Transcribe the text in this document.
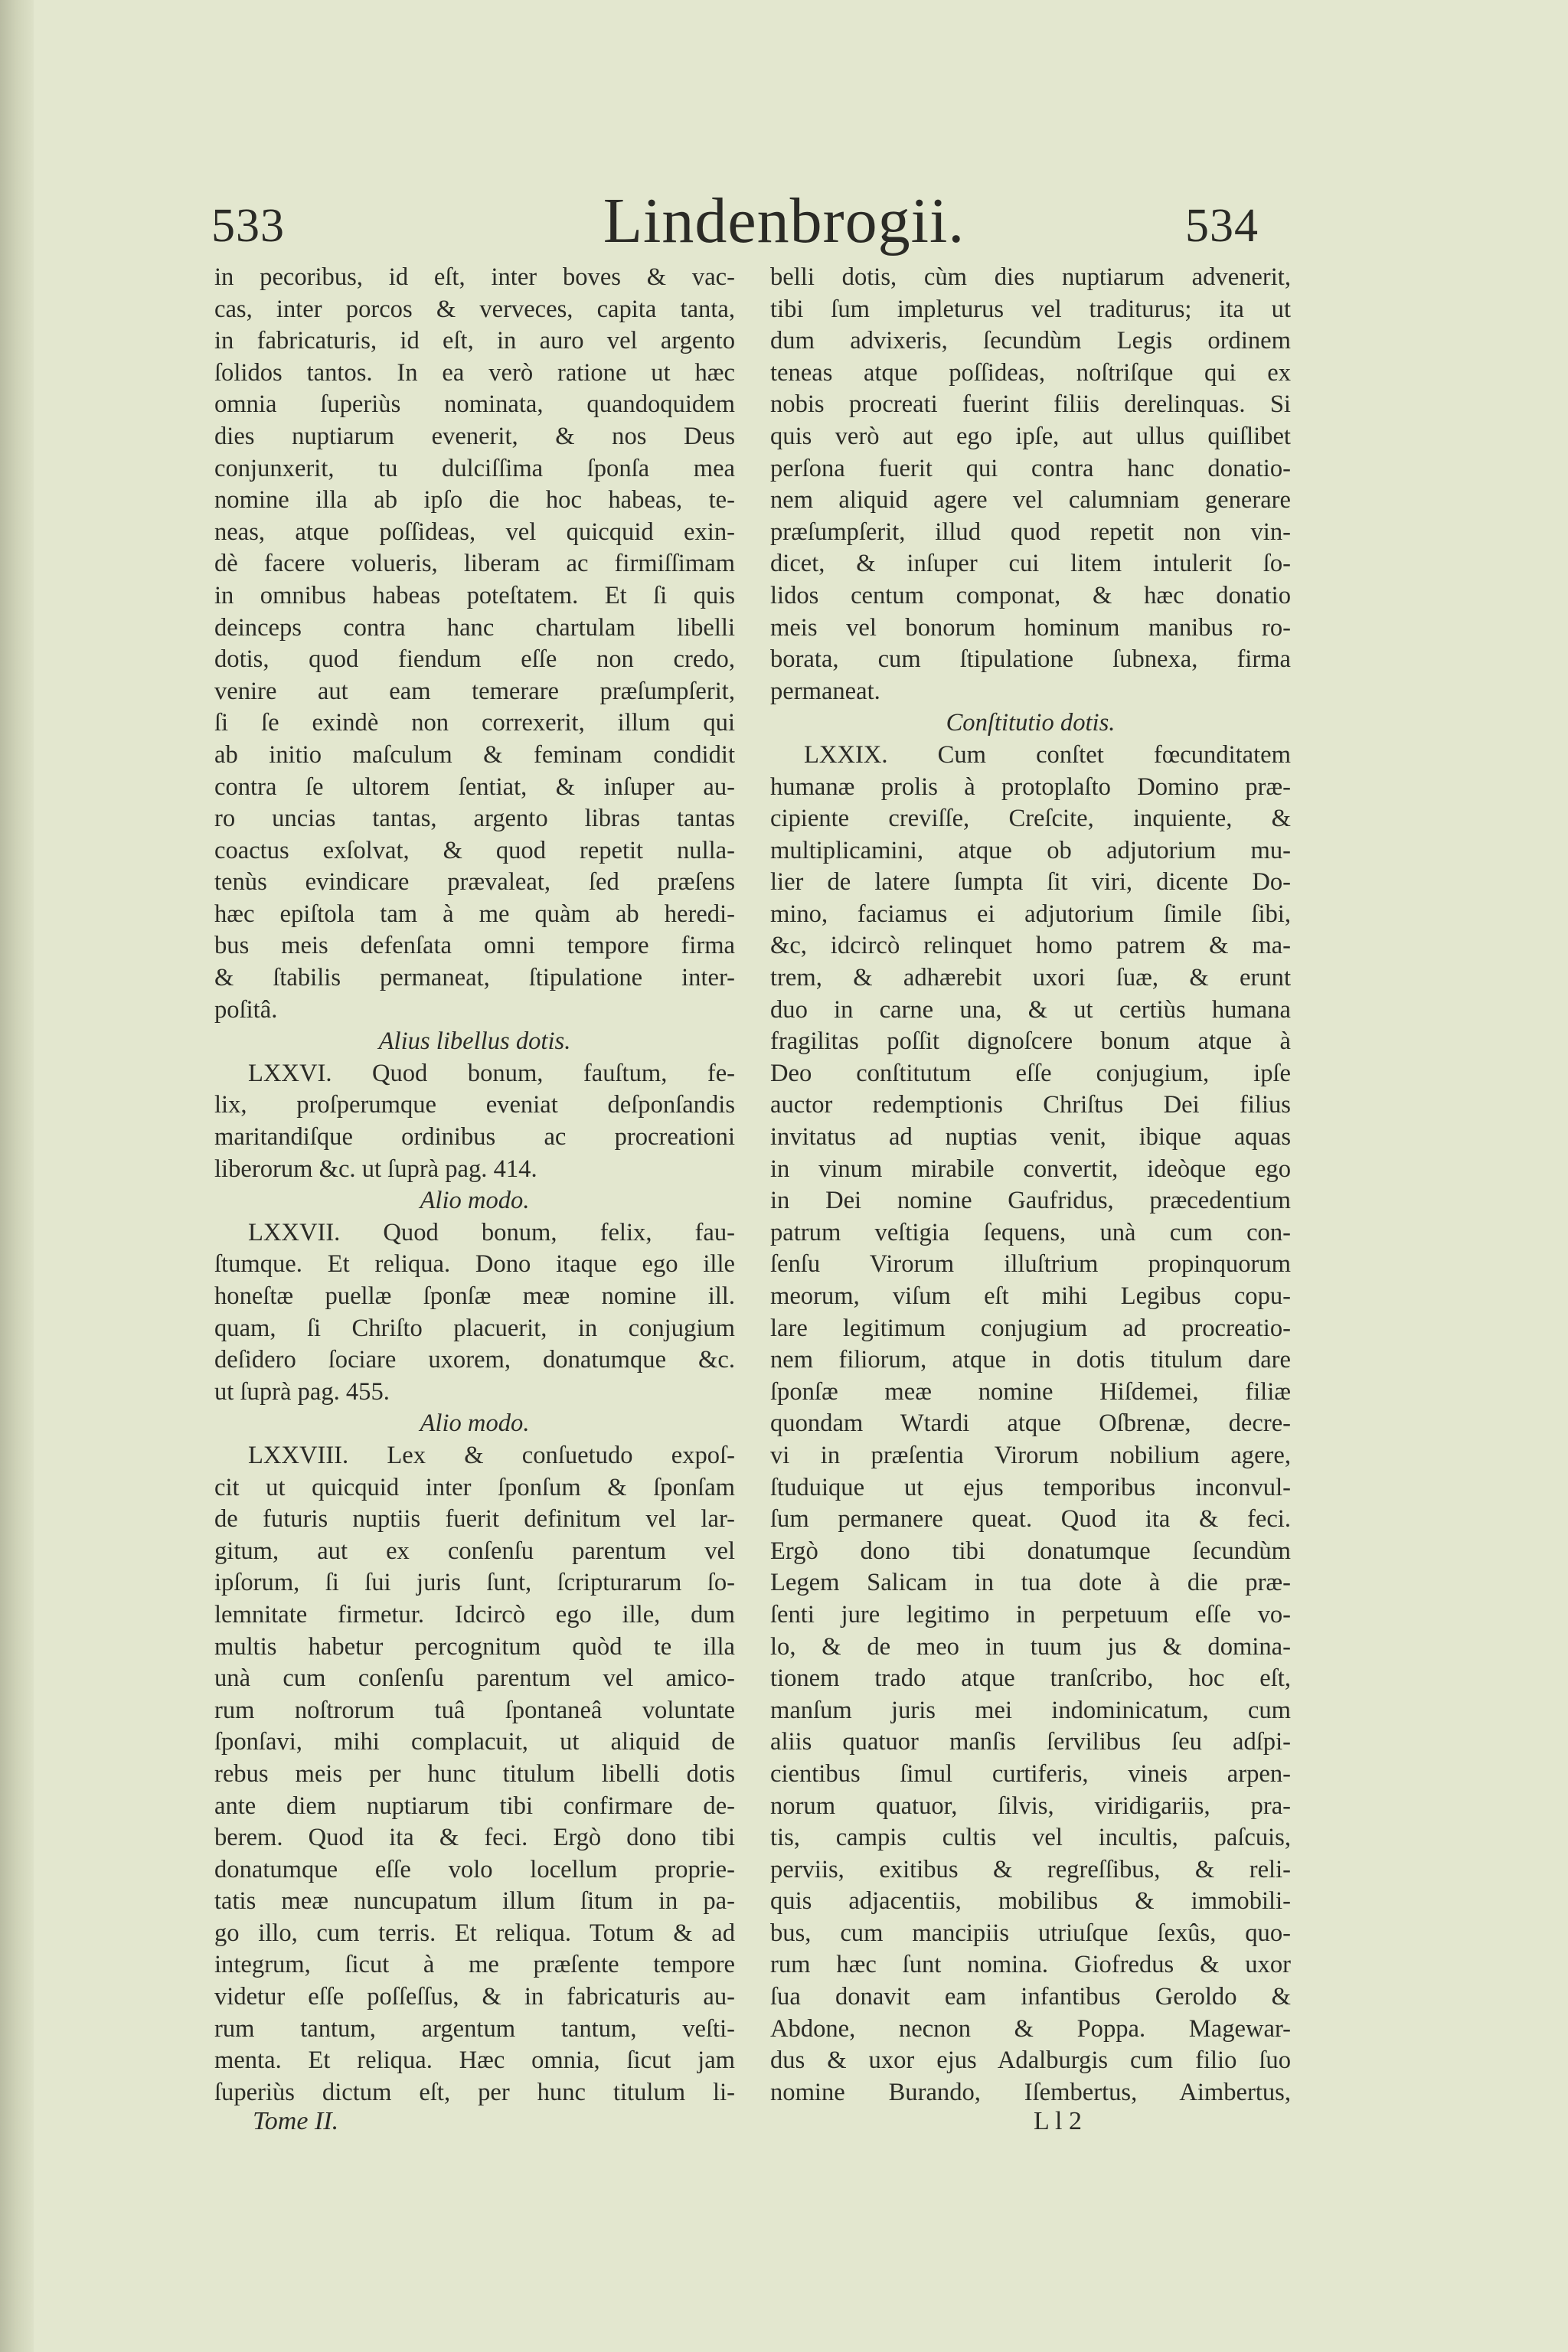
533	Lindenbrogii.	534
in pecoribus, id eſt, inter boves & vac-
cas, inter porcos & verveces, capita tanta,
in fabricaturis, id eſt, in auro vel argento
ſolidos tantos. In ea verò ratione ut hæc
omnia ſuperiùs nominata, quandoquidem
dies nuptiarum evenerit, & nos Deus
conjunxerit, tu dulciſſima ſponſa mea
nomine illa ab ipſo die hoc habeas, te-
neas, atque poſſideas, vel quicquid exin-
dè facere volueris, liberam ac firmiſſimam
in omnibus habeas poteſtatem. Et ſi quis
deinceps contra hanc chartulam libelli
dotis, quod fiendum eſſe non credo,
venire aut eam temerare præſumpſerit,
ſi ſe exindè non correxerit, illum qui
ab initio maſculum & feminam condidit
contra ſe ultorem ſentiat, & inſuper au-
ro uncias tantas, argento libras tantas
coactus exſolvat, & quod repetit nulla-
tenùs evindicare prævaleat, ſed præſens
hæc epiſtola tam à me quàm ab heredi-
bus meis defenſata omni tempore firma
& ſtabilis permaneat, ſtipulatione inter-
poſitâ.
Alius libellus dotis.
LXXVI. Quod bonum, fauſtum, fe-
lix, proſperumque eveniat deſponſandis
maritandiſque ordinibus ac procreationi
liberorum &c. ut ſuprà pag. 414.
Alio modo.
LXXVII. Quod bonum, felix, fau-
ſtumque. Et reliqua. Dono itaque ego ille
honeſtæ puellæ ſponſæ meæ nomine ill.
quam, ſi Chriſto placuerit, in conjugium
deſidero ſociare uxorem, donatumque &c.
ut ſuprà pag. 455.
Alio modo.
LXXVIII. Lex & conſuetudo expoſ-
cit ut quicquid inter ſponſum & ſponſam
de futuris nuptiis fuerit definitum vel lar-
gitum, aut ex conſenſu parentum vel
ipſorum, ſi ſui juris ſunt, ſcripturarum ſo-
lemnitate firmetur. Idcircò ego ille, dum
multis habetur percognitum quòd te illa
unà cum conſenſu parentum vel amico-
rum noſtrorum tuâ ſpontaneâ voluntate
ſponſavi, mihi complacuit, ut aliquid de
rebus meis per hunc titulum libelli dotis
ante diem nuptiarum tibi confirmare de-
berem. Quod ita & feci. Ergò dono tibi
donatumque eſſe volo locellum proprie-
tatis meæ nuncupatum illum ſitum in pa-
go illo, cum terris. Et reliqua. Totum & ad
integrum, ſicut à me præſente tempore
videtur eſſe poſſeſſus, & in fabricaturis au-
rum tantum, argentum tantum, veſti-
menta. Et reliqua. Hæc omnia, ſicut jam
ſuperiùs dictum eſt, per hunc titulum li-
belli dotis, cùm dies nuptiarum advenerit,
tibi ſum impleturus vel traditurus; ita ut
dum advixeris, ſecundùm Legis ordinem
teneas atque poſſideas, noſtriſque qui ex
nobis procreati fuerint filiis derelinquas. Si
quis verò aut ego ipſe, aut ullus quiſlibet
perſona fuerit qui contra hanc donatio-
nem aliquid agere vel calumniam generare
præſumpſerit, illud quod repetit non vin-
dicet, & inſuper cui litem intulerit ſo-
lidos centum componat, & hæc donatio
meis vel bonorum hominum manibus ro-
borata, cum ſtipulatione ſubnexa, firma
permaneat.
Conſtitutio dotis.
LXXIX. Cum conſtet fœcunditatem
humanæ prolis à protoplaſto Domino præ-
cipiente creviſſe, Creſcite, inquiente, &
multiplicamini, atque ob adjutorium mu-
lier de latere ſumpta ſit viri, dicente Do-
mino, faciamus ei adjutorium ſimile ſibi,
&c, idcircò relinquet homo patrem & ma-
trem, & adhærebit uxori ſuæ, & erunt
duo in carne una, & ut certiùs humana
fragilitas poſſit dignoſcere bonum atque à
Deo conſtitutum eſſe conjugium, ipſe
auctor redemptionis Chriſtus Dei filius
invitatus ad nuptias venit, ibique aquas
in vinum mirabile convertit, ideòque ego
in Dei nomine Gaufridus, præcedentium
patrum veſtigia ſequens, unà cum con-
ſenſu Virorum illuſtrium propinquorum
meorum, viſum eſt mihi Legibus copu-
lare legitimum conjugium ad procreatio-
nem filiorum, atque in dotis titulum dare
ſponſæ meæ nomine Hiſdemei, filiæ
quondam Wtardi atque Oſbrenæ, decre-
vi in præſentia Virorum nobilium agere,
ſtuduique ut ejus temporibus inconvul-
ſum permanere queat. Quod ita & feci.
Ergò dono tibi donatumque ſecundùm
Legem Salicam in tua dote à die præ-
ſenti jure legitimo in perpetuum eſſe vo-
lo, & de meo in tuum jus & domina-
tionem trado atque tranſcribo, hoc eſt,
manſum juris mei indominicatum, cum
aliis quatuor manſis ſervilibus ſeu adſpi-
cientibus ſimul curtiferis, vineis arpen-
norum quatuor, ſilvis, viridigariis, pra-
tis, campis cultis vel incultis, paſcuis,
perviis, exitibus & regreſſibus, & reli-
quis adjacentiis, mobilibus & immobili-
bus, cum mancipiis utriuſque ſexûs, quo-
rum hæc ſunt nomina. Giofredus & uxor
ſua donavit eam infantibus Geroldo &
Abdone, necnon & Poppa. Magewar-
dus & uxor ejus Adalburgis cum filio ſuo
nomine Burando, Iſembertus, Aimbertus,
Tome II.	L l 2
